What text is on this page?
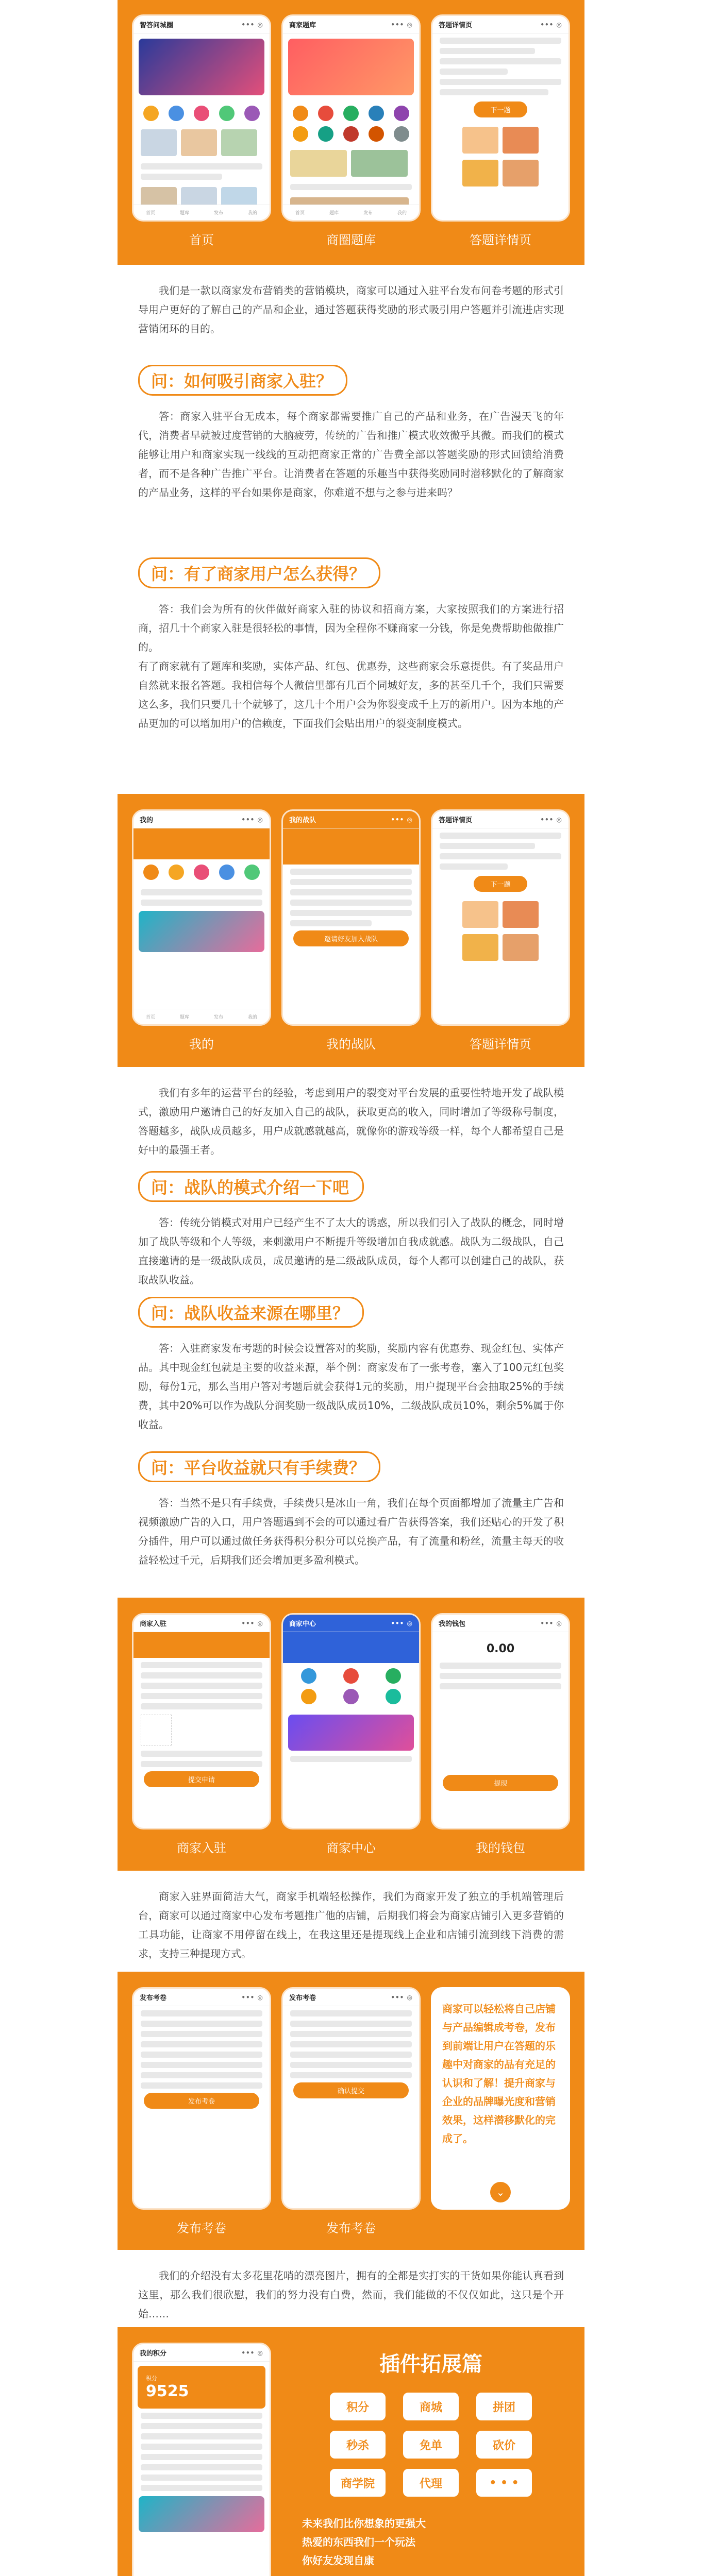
智答问城圈	••• ◎
首页	题库	发布	我的
商家题库	••• ◎
首页	题库	发布	我的
答题详情页	••• ◎
下一题
首页	商圈题库	答题详情页
我们是一款以商家发布营销类的营销模块，商家可以通过入驻平台发布问卷考题的形式引导用户更好的了解自己的产品和企业，通过答题获得奖励的形式吸引用户答题并引流进店实现营销闭环的目的。
问：如何吸引商家入驻？
答：商家入驻平台无成本，每个商家都需要推广自己的产品和业务，在广告漫天飞的年代，消费者早就被过度营销的大脑疲劳，传统的广告和推广模式收效微乎其微。而我们的模式能够让用户和商家实现一线线的互动把商家正常的广告费全部以答题奖励的形式回馈给消费者，而不是各种广告推广平台。让消费者在答题的乐趣当中获得奖励同时潜移默化的了解商家的产品业务，这样的平台如果你是商家，你难道不想与之参与进来吗？
问：有了商家用户怎么获得？
答：我们会为所有的伙伴做好商家入驻的协议和招商方案，大家按照我们的方案进行招商，招几十个商家入驻是很轻松的事情，因为全程你不赚商家一分钱，你是免费帮助他做推广的。
有了商家就有了题库和奖励，实体产品、红包、优惠券，这些商家会乐意提供。有了奖品用户自然就来报名答题。我相信每个人微信里都有几百个同城好友，多的甚至几千个，我们只需要这么多，我们只要几十个就够了，这几十个用户会为你裂变成千上万的新用户。因为本地的产品更加的可以增加用户的信赖度，下面我们会贴出用户的裂变制度模式。
我的	••• ◎
首页	题库	发布	我的
我的战队	••• ◎
邀请好友加入战队
答题详情页	••• ◎
下一题
我的	我的战队	答题详情页
我们有多年的运营平台的经验，考虑到用户的裂变对平台发展的重要性特地开发了战队模式，激励用户邀请自己的好友加入自己的战队，获取更高的收入，同时增加了等级称号制度，答题越多，战队成员越多，用户成就感就越高，就像你的游戏等级一样，每个人都希望自己是好中的最强王者。
问：战队的模式介绍一下吧
答：传统分销模式对用户已经产生不了太大的诱惑，所以我们引入了战队的概念，同时增加了战队等级和个人等级，来刺激用户不断提升等级增加自我成就感。战队为二级战队，自己直接邀请的是一级战队成员，成员邀请的是二级战队成员，每个人都可以创建自己的战队，获取战队收益。
问：战队收益来源在哪里？
答：入驻商家发布考题的时候会设置答对的奖励，奖励内容有优惠券、现金红包、实体产品。其中现金红包就是主要的收益来源，举个例：商家发布了一张考卷，塞入了100元红包奖励，每份1元，那么当用户答对考题后就会获得1元的奖励，用户提现平台会抽取25%的手续费，其中20%可以作为战队分润奖励一级战队成员10%，二级战队成员10%，剩余5%属于你收益。
问：平台收益就只有手续费？
答：当然不是只有手续费，手续费只是冰山一角，我们在每个页面都增加了流量主广告和视频激励广告的入口，用户答题遇到不会的可以通过看广告获得答案，我们还贴心的开发了积分插件，用户可以通过做任务获得积分积分可以兑换产品，有了流量和粉丝，流量主每天的收益轻松过千元，后期我们还会增加更多盈利模式。
商家入驻	••• ◎
提交申请
商家中心	••• ◎	我的钱包	••• ◎
0.00
提现
商家入驻	商家中心	我的钱包
商家入驻界面简洁大气，商家手机端轻松操作，我们为商家开发了独立的手机端管理后台，商家可以通过商家中心发布考题推广他的店铺，后期我们将会为商家店铺引入更多营销的工具功能，让商家不用停留在线上，在我这里还是提现线上企业和店铺引流到线下消费的需求，支持三种提现方式。
发布考卷	••• ◎
发布考卷
发布考卷	••• ◎
确认提交
商家可以轻松将自己店铺与产品编辑成考卷，发布到前端让用户在答题的乐趣中对商家的品有充足的认识和了解！提升商家与企业的品牌曝光度和营销效果，这样潜移默化的完成了。
⌄
发布考卷	发布考卷
我们的介绍没有太多花里花哨的漂亮图片，拥有的全都是实打实的干货如果你能认真看到这里，那么我们很欣慰，我们的努力没有白费，然而，我们能做的不仅仅如此，这只是个开始……
我的积分	••• ◎
积分
9525
插件拓展篇
积分	商城	拼团
秒杀	免单	砍价
商学院	代理	• • •
未来我们比你想象的更强大
热爱的东西我们一个玩法
你好友发现自康
